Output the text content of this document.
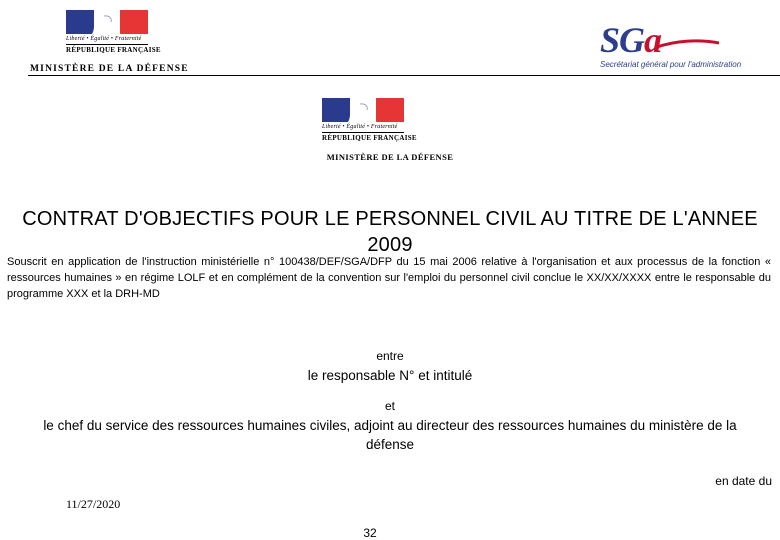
Liberté • Égalité • Fraternité
RÉPUBLIQUE FRANÇAISE
MINISTÈRE DE LA DÉFENSE
SGa
Secrétariat général pour l'administration
Liberté • Égalité • Fraternité
RÉPUBLIQUE FRANÇAISE
MINISTÈRE DE LA DÉFENSE
CONTRAT D'OBJECTIFS POUR LE PERSONNEL CIVIL AU TITRE DE L'ANNEE 2009
Souscrit en application de l'instruction ministérielle n° 100438/DEF/SGA/DFP du 15 mai 2006 relative à l'organisation et aux processus de la fonction « ressources humaines » en régime LOLF et en complément de la convention sur l'emploi du personnel civil conclue le XX/XX/XXXX entre le responsable du programme XXX et la DRH-MD
entre
le responsable N° et intitulé
et
le chef du service des ressources humaines civiles, adjoint au directeur des ressources humaines du ministère de la défense
en date du
11/27/2020
32
